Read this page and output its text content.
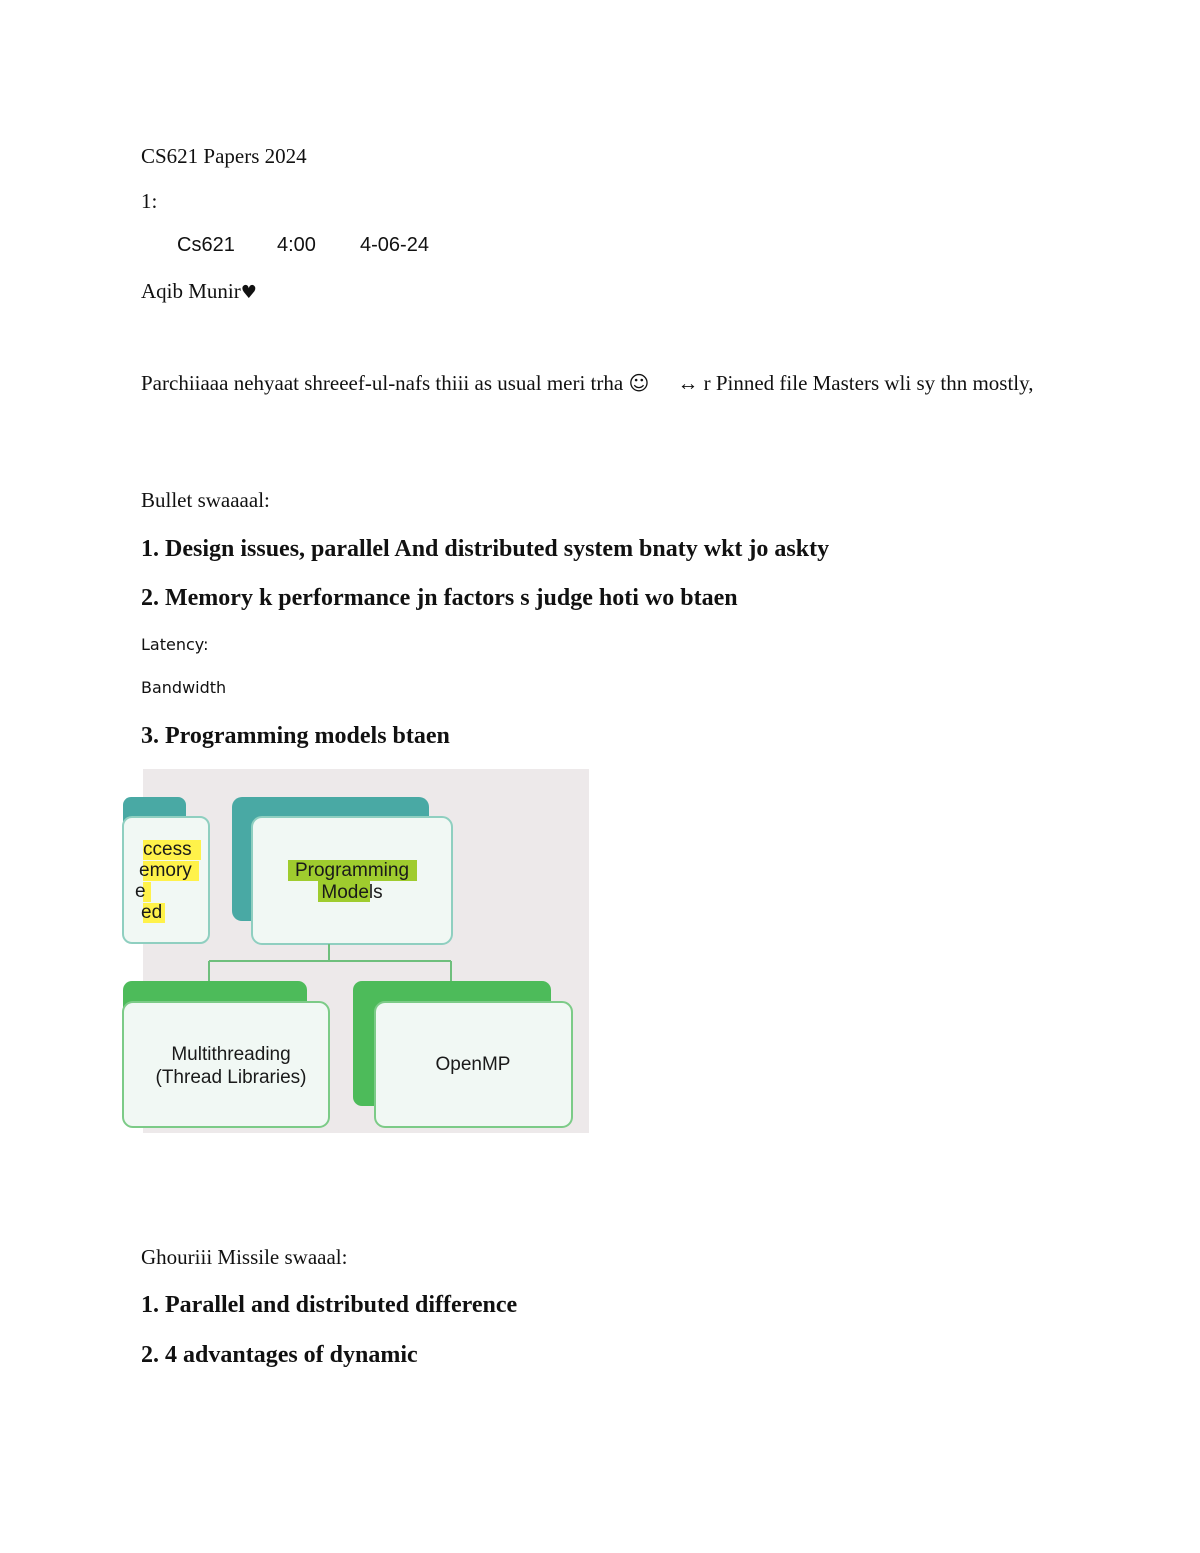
CS621 Papers 2024
1:
Cs621 4:00 4-06-24
Aqib Munir♥
Parchiiaaa nehyaat shreeef-ul-nafs thiii as usual meri trha ☺ ↔ r Pinned file Masters wli sy thn mostly,
Bullet swaaaal:
1. Design issues, parallel And distributed system bnaty wkt jo askty
2. Memory k performance jn factors s judge hoti wo btaen
Latency:
Bandwidth
3. Programming models btaen
ccess
emory
e
ed
Programming
Models
Multithreading
(Thread Libraries)
OpenMP
Ghouriii Missile swaaal:
1. Parallel and distributed difference
2. 4 advantages of dynamic
